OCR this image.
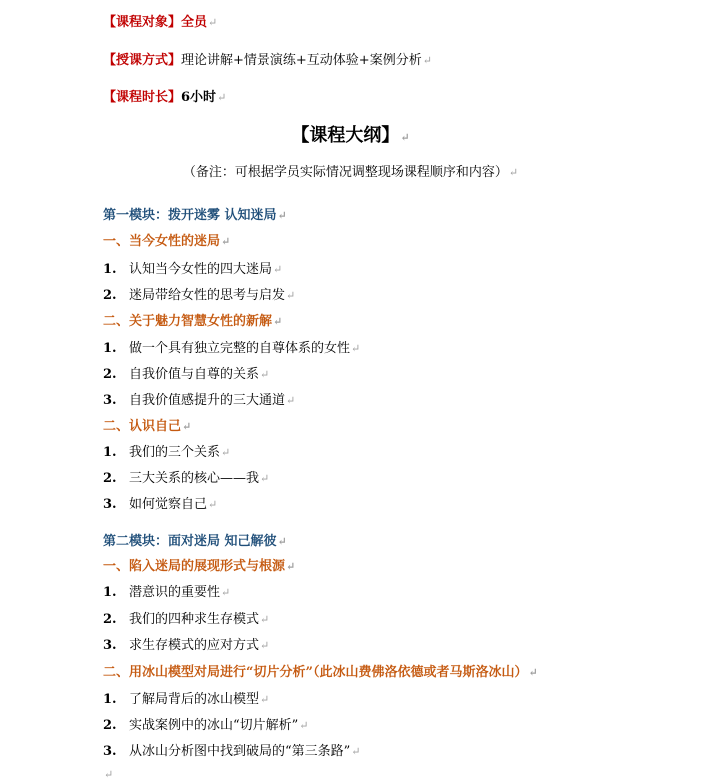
【课程对象】全员↵
【授课方式】理论讲解+情景演练+互动体验+案例分析↵
【课程时长】6小时↵
【课程大纲】↵
（备注：可根据学员实际情况调整现场课程顺序和内容）↵
第一模块：拨开迷雾 认知迷局↵
一、当今女性的迷局↵
1. 认知当今女性的四大迷局↵
2. 迷局带给女性的思考与启发↵
二、关于魅力智慧女性的新解↵
1. 做一个具有独立完整的自尊体系的女性↵
2. 自我价值与自尊的关系↵
3. 自我价值感提升的三大通道↵
二、认识自己↵
1. 我们的三个关系↵
2. 三大关系的核心——我↵
3. 如何觉察自己↵
第二模块：面对迷局 知己解彼↵
一、陷入迷局的展现形式与根源↵
1. 潜意识的重要性↵
2. 我们的四种求生存模式↵
3. 求生存模式的应对方式↵
二、用冰山模型对局进行“切片分析”（此冰山费佛洛依德或者马斯洛冰山）↵
1. 了解局背后的冰山模型↵
2. 实战案例中的冰山“切片解析”↵
3. 从冰山分析图中找到破局的“第三条路”↵
↵
